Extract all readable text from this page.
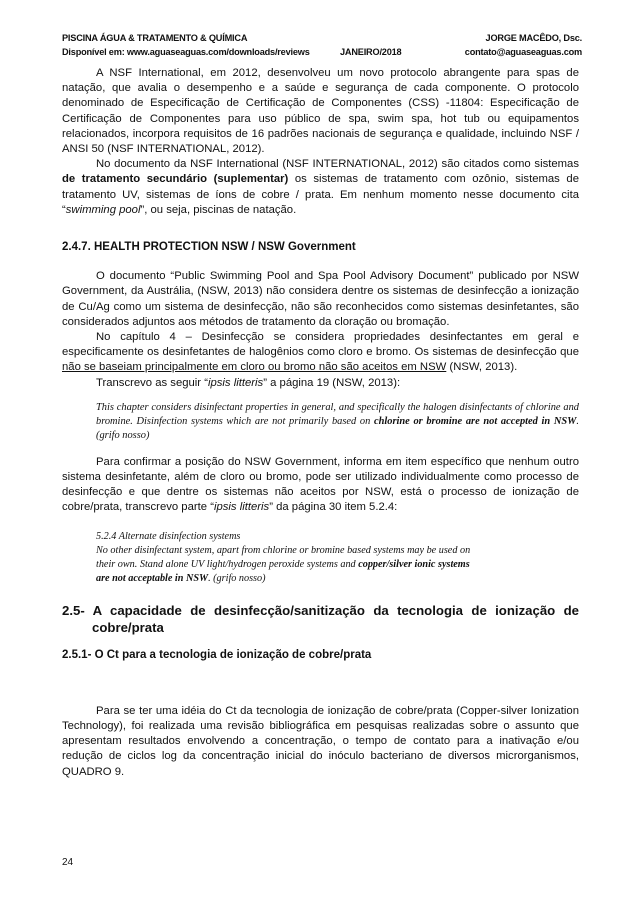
PISCINA ÁGUA & TRATAMENTO & QUÍMICA	JORGE MACÊDO, Dsc.
Disponível em: www.aguaseaguas.com/downloads/reviews	JANEIRO/2018	contato@aguaseaguas.com

A NSF International, em 2012, desenvolveu um novo protocolo abrangente para spas de natação, que avalia o desempenho e a saúde e segurança de cada componente. O protocolo denominado de Especificação de Certificação de Componentes (CSS) -11804: Especificação de Certificação de Componentes para uso público de spa, swim spa, hot tub ou equipamentos relacionados, incorpora requisitos de 16 padrões nacionais de segurança e qualidade, incluindo NSF / ANSI 50 (NSF INTERNATIONAL, 2012).

No documento da NSF International (NSF INTERNATIONAL, 2012) são citados como sistemas de tratamento secundário (suplementar) os sistemas de tratamento com ozônio, sistemas de tratamento UV, sistemas de íons de cobre / prata. Em nenhum momento nesse documento cita “swimming pool”, ou seja, piscinas de natação.

2.4.7. HEALTH PROTECTION NSW / NSW Government

O documento “Public Swimming Pool and Spa Pool Advisory Document” publicado por NSW Government, da Austrália, (NSW, 2013) não considera dentre os sistemas de desinfecção a ionização de Cu/Ag como um sistema de desinfecção, não são reconhecidos como sistemas desinfetantes, são considerados adjuntos aos métodos de tratamento da cloração ou bromação.

No capítulo 4 – Desinfecção se considera propriedades desinfectantes em geral e especificamente os desinfetantes de halogênios como cloro e bromo. Os sistemas de desinfecção que não se baseiam principalmente em cloro ou bromo não são aceitos em NSW (NSW, 2013).

Transcrevo as seguir “ipsis litteris” a página 19 (NSW, 2013):

This chapter considers disinfectant properties in general, and specifically the halogen disinfectants of chlorine and bromine. Disinfection systems which are not primarily based on chlorine or bromine are not accepted in NSW. (grifo nosso)

Para confirmar a posição do NSW Government, informa em item específico que nenhum outro sistema desinfetante, além de cloro ou bromo, pode ser utilizado individualmente como processo de desinfecção e que dentre os sistemas não aceitos por NSW, está o processo de ionização de cobre/prata, transcrevo parte “ipsis litteris” da página 30 item 5.2.4:

5.2.4 Alternate disinfection systems
No other disinfectant system, apart from chlorine or bromine based systems may be used on
their own. Stand alone UV light/hydrogen peroxide systems and copper/silver ionic systems
are not acceptable in NSW. (grifo nosso)
2.5- A capacidade de desinfecção/sanitização da tecnologia de ionização de
cobre/prata
2.5.1- O Ct para a tecnologia de ionização de cobre/prata

Para se ter uma idéia do Ct da tecnologia de ionização de cobre/prata (Copper-silver Ionization Technology), foi realizada uma revisão bibliográfica em pesquisas realizadas sobre o assunto que apresentam resultados envolvendo a concentração, o tempo de contato para a inativação e/ou redução de ciclos log da concentração inicial do inóculo bacteriano de diversos microrganismos, QUADRO 9.

24
